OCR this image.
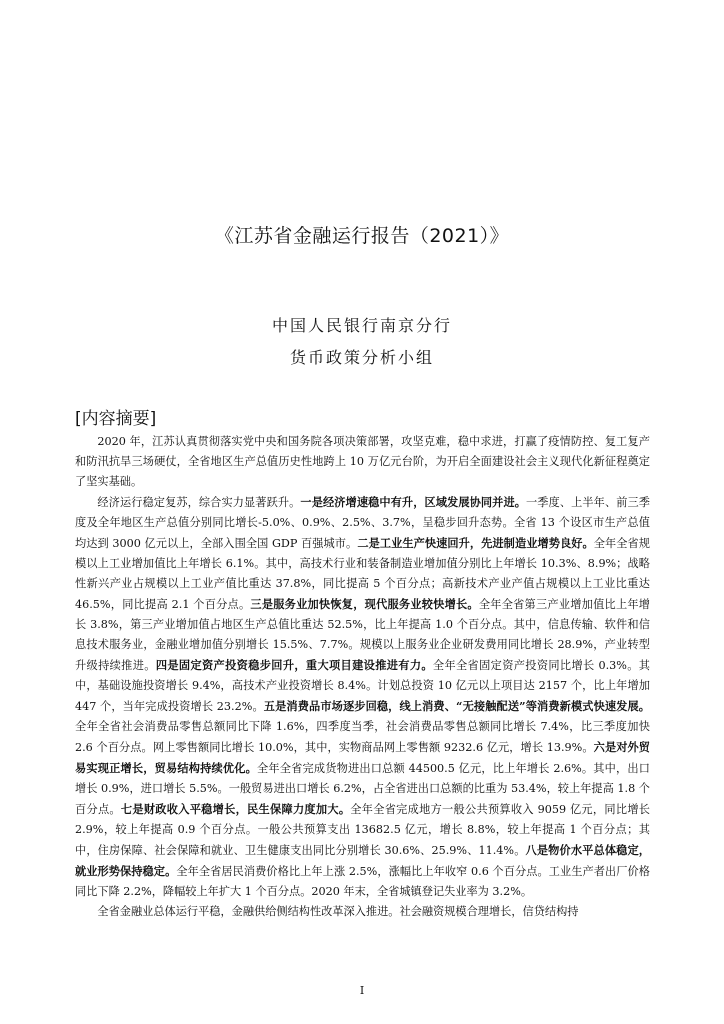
《江苏省金融运行报告（2021）》
中国人民银行南京分行
货币政策分析小组
[内容摘要]

2020 年，江苏认真贯彻落实党中央和国务院各项决策部署，攻坚克难，稳中求进，打赢了疫情防控、复工复产和防汛抗旱三场硬仗，全省地区生产总值历史性地跨上 10 万亿元台阶，为开启全面建设社会主义现代化新征程奠定了坚实基础。

经济运行稳定复苏，综合实力显著跃升。一是经济增速稳中有升，区域发展协同并进。一季度、上半年、前三季度及全年地区生产总值分别同比增长-5.0%、0.9%、2.5%、3.7%，呈稳步回升态势。全省 13 个设区市生产总值均达到 3000 亿元以上，全部入围全国 GDP 百强城市。二是工业生产快速回升，先进制造业增势良好。全年全省规模以上工业增加值比上年增长 6.1%。其中，高技术行业和装备制造业增加值分别比上年增长 10.3%、8.9%；战略性新兴产业占规模以上工业产值比重达 37.8%，同比提高 5 个百分点；高新技术产业产值占规模以上工业比重达 46.5%，同比提高 2.1 个百分点。三是服务业加快恢复，现代服务业较快增长。全年全省第三产业增加值比上年增长 3.8%，第三产业增加值占地区生产总值比重达 52.5%，比上年提高 1.0 个百分点。其中，信息传输、软件和信息技术服务业，金融业增加值分别增长 15.5%、7.7%。规模以上服务业企业研发费用同比增长 28.9%，产业转型升级持续推进。四是固定资产投资稳步回升，重大项目建设推进有力。全年全省固定资产投资同比增长 0.3%。其中，基础设施投资增长 9.4%，高技术产业投资增长 8.4%。计划总投资 10 亿元以上项目达 2157 个，比上年增加 447 个，当年完成投资增长 23.2%。五是消费品市场逐步回稳，线上消费、“无接触配送”等消费新模式快速发展。全年全省社会消费品零售总额同比下降 1.6%，四季度当季，社会消费品零售总额同比增长 7.4%，比三季度加快 2.6 个百分点。网上零售额同比增长 10.0%，其中，实物商品网上零售额 9232.6 亿元，增长 13.9%。六是对外贸易实现正增长，贸易结构持续优化。全年全省完成货物进出口总额 44500.5 亿元，比上年增长 2.6%。其中，出口增长 0.9%，进口增长 5.5%。一般贸易进出口增长 6.2%，占全省进出口总额的比重为 53.4%，较上年提高 1.8 个百分点。七是财政收入平稳增长，民生保障力度加大。全年全省完成地方一般公共预算收入 9059 亿元，同比增长 2.9%，较上年提高 0.9 个百分点。一般公共预算支出 13682.5 亿元，增长 8.8%，较上年提高 1 个百分点；其中，住房保障、社会保障和就业、卫生健康支出同比分别增长 30.6%、25.9%、11.4%。八是物价水平总体稳定，就业形势保持稳定。全年全省居民消费价格比上年上涨 2.5%，涨幅比上年收窄 0.6 个百分点。工业生产者出厂价格同比下降 2.2%，降幅较上年扩大 1 个百分点。2020 年末，全省城镇登记失业率为 3.2%。

全省金融业总体运行平稳，金融供给侧结构性改革深入推进。社会融资规模合理增长，信贷结构持

I
